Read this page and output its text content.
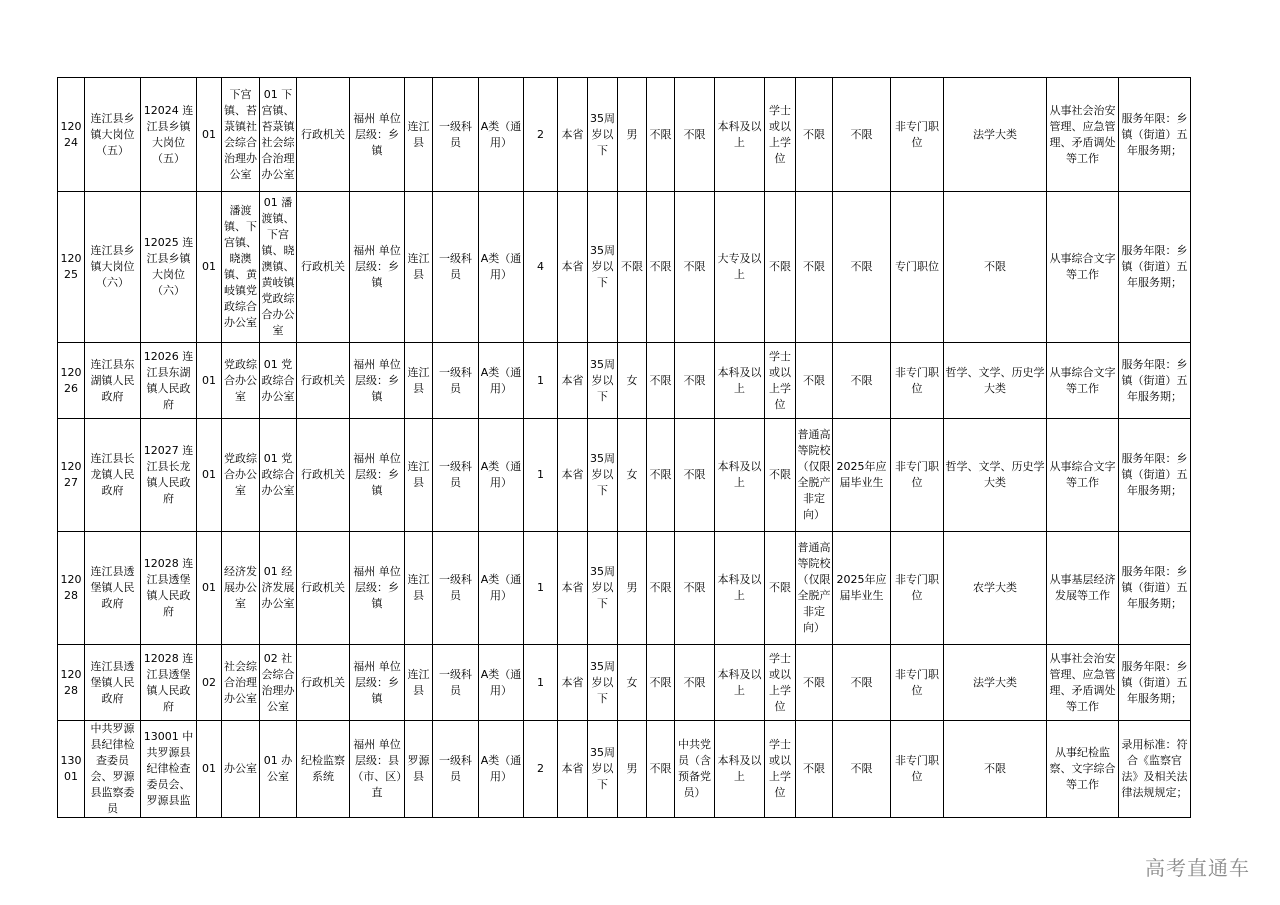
12024	连江县乡镇大岗位（五）	12024 连江县乡镇大岗位（五）	01	下宫镇、苔菉镇社会综合治理办公室	01 下宫镇、苔菉镇社会综合治理办公室	行政机关	福州 单位层级：乡镇	连江县	一级科员	A类（通用）	2	本省	35周岁以下	男	不限	不限	本科及以上	学士或以上学位	不限	不限	非专门职位	法学大类	从事社会治安管理、应急管理、矛盾调处等工作	服务年限：乡镇（街道）五年服务期；
12025	连江县乡镇大岗位（六）	12025 连江县乡镇大岗位（六）	01	潘渡镇、下宫镇、晓澳镇、黄岐镇党政综合办公室	01 潘渡镇、下宫镇、晓澳镇、黄岐镇党政综合办公室	行政机关	福州 单位层级：乡镇	连江县	一级科员	A类（通用）	4	本省	35周岁以下	不限	不限	不限	大专及以上	不限	不限	不限	专门职位	不限	从事综合文字等工作	服务年限：乡镇（街道）五年服务期；
12026	连江县东湖镇人民政府	12026 连江县东湖镇人民政府	01	党政综合办公室	01 党政综合办公室	行政机关	福州 单位层级：乡镇	连江县	一级科员	A类（通用）	1	本省	35周岁以下	女	不限	不限	本科及以上	学士或以上学位	不限	不限	非专门职位	哲学、文学、历史学大类	从事综合文字等工作	服务年限：乡镇（街道）五年服务期；
12027	连江县长龙镇人民政府	12027 连江县长龙镇人民政府	01	党政综合办公室	01 党政综合办公室	行政机关	福州 单位层级：乡镇	连江县	一级科员	A类（通用）	1	本省	35周岁以下	女	不限	不限	本科及以上	不限	普通高等院校（仅限全脱产非定向）	2025年应届毕业生	非专门职位	哲学、文学、历史学大类	从事综合文字等工作	服务年限：乡镇（街道）五年服务期；
12028	连江县透堡镇人民政府	12028 连江县透堡镇人民政府	01	经济发展办公室	01 经济发展办公室	行政机关	福州 单位层级：乡镇	连江县	一级科员	A类（通用）	1	本省	35周岁以下	男	不限	不限	本科及以上	不限	普通高等院校（仅限全脱产非定向）	2025年应届毕业生	非专门职位	农学大类	从事基层经济发展等工作	服务年限：乡镇（街道）五年服务期；
12028	连江县透堡镇人民政府	12028 连江县透堡镇人民政府	02	社会综合治理办公室	02 社会综合治理办公室	行政机关	福州 单位层级：乡镇	连江县	一级科员	A类（通用）	1	本省	35周岁以下	女	不限	不限	本科及以上	学士或以上学位	不限	不限	非专门职位	法学大类	从事社会治安管理、应急管理、矛盾调处等工作	服务年限：乡镇（街道）五年服务期；
13001	中共罗源县纪律检查委员会、罗源县监察委员	13001 中共罗源县纪律检查委员会、罗源县监	01	办公室	01 办公室	纪检监察系统	福州 单位层级：县（市、区）直	罗源县	一级科员	A类（通用）	2	本省	35周岁以下	男	不限	中共党员（含预备党员）	本科及以上	学士或以上学位	不限	不限	非专门职位	不限	从事纪检监察、文字综合等工作	录用标准：符合《监察官法》及相关法律法规规定；
高考直通车
